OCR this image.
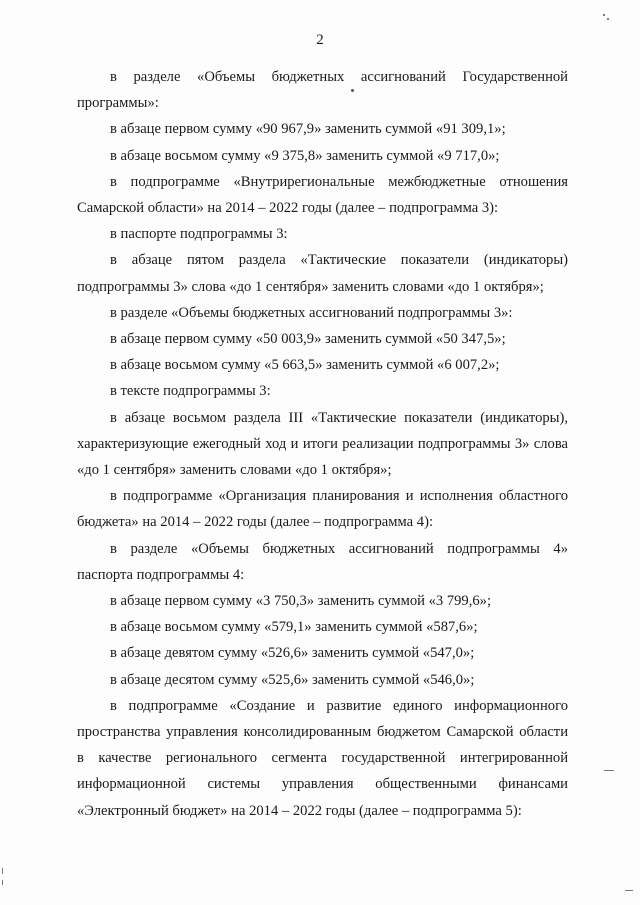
2

в разделе «Объемы бюджетных ассигнований Государственной программы»:

в абзаце первом сумму «90 967,9» заменить суммой «91 309,1»;

в абзаце восьмом сумму «9 375,8» заменить суммой «9 717,0»;

в подпрограмме «Внутрирегиональные межбюджетные отношения Самарской области» на 2014 – 2022 годы (далее – подпрограмма 3):

в паспорте подпрограммы 3:

в абзаце пятом раздела «Тактические показатели (индикаторы) подпрограммы 3» слова «до 1 сентября» заменить словами «до 1 октября»;

в разделе «Объемы бюджетных ассигнований подпрограммы 3»:

в абзаце первом сумму «50 003,9» заменить суммой «50 347,5»;

в абзаце восьмом сумму «5 663,5» заменить суммой «6 007,2»;

в тексте подпрограммы 3:

в абзаце восьмом раздела III «Тактические показатели (индикаторы), характеризующие ежегодный ход и итоги реализации подпрограммы 3» слова «до 1 сентября» заменить словами «до 1 октября»;

в подпрограмме «Организация планирования и исполнения областного бюджета» на 2014 – 2022 годы (далее – подпрограмма 4):

в разделе «Объемы бюджетных ассигнований подпрограммы 4» паспорта подпрограммы 4:

в абзаце первом сумму «3 750,3» заменить суммой «3 799,6»;

в абзаце восьмом сумму «579,1» заменить суммой «587,6»;

в абзаце девятом сумму «526,6» заменить суммой «547,0»;

в абзаце десятом сумму «525,6» заменить суммой «546,0»;

в подпрограмме «Создание и развитие единого информационного пространства управления консолидированным бюджетом Самарской области в качестве регионального сегмента государственной интегрированной информационной системы управления общественными финансами «Электронный бюджет» на 2014 – 2022 годы (далее – подпрограмма 5):
